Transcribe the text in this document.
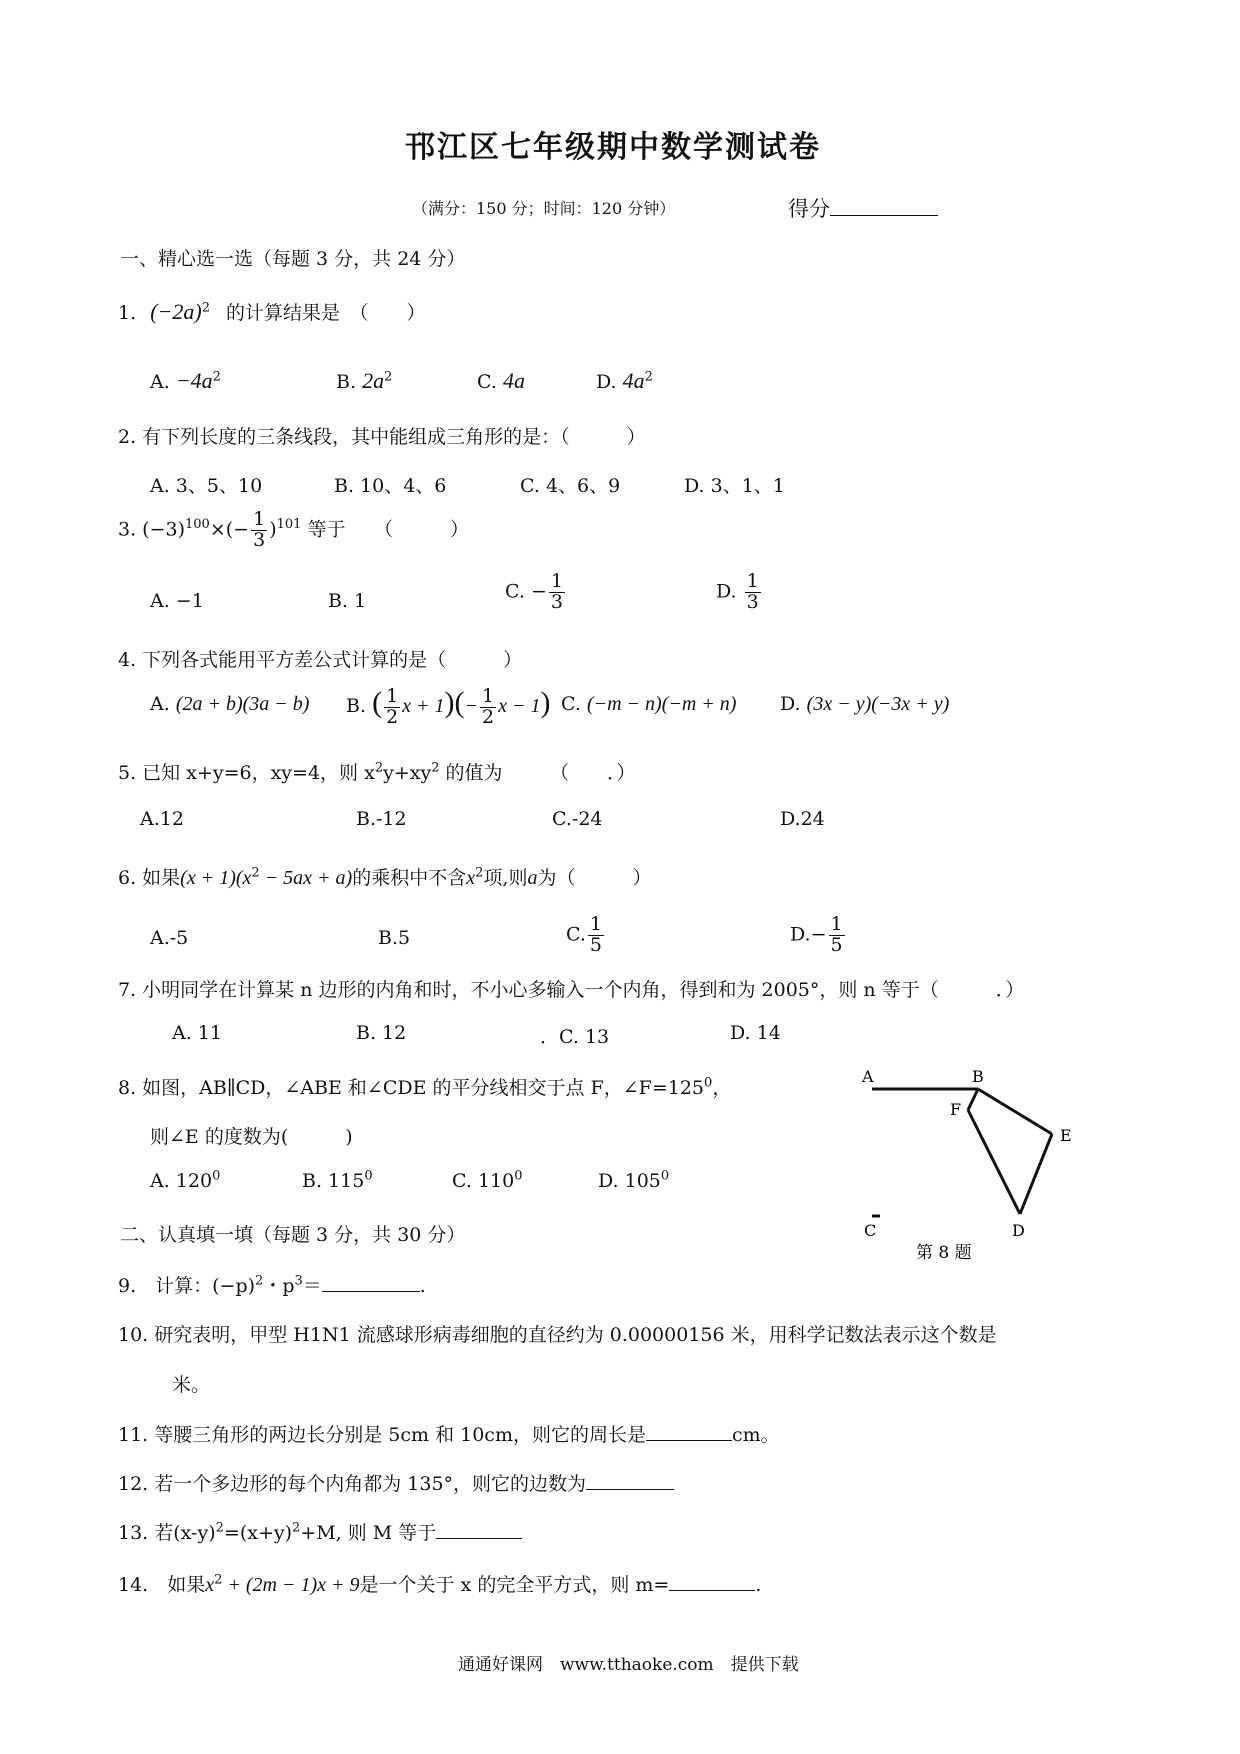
邗江区七年级期中数学测试卷
（满分：150 分；时间：120 分钟）	得分
一、精心选一选（每题 3 分，共 24 分）
1. $(-2a)^2$ 的计算结果是　（　　）
A. $-4a^2$	B. $2a^2$	C. 4a	D. $4a^2$
2. 有下列长度的三条线段，其中能组成三角形的是：（　　　）
A. 3、5、10	B. 10、4、6	C. 4、6、9	D. 3、1、1
3. $(-3)^{100}\times(- \frac{1}{3} )^{101}$ 等于　　（　　　）
A. −1	B. 1	C. − $\frac{1}{3}$	D. $\frac{1}{3}$
4. 下列各式能用平方差公式计算的是（　　　）
A. (2a + b)(3a − b) B. ( $\frac{1}{2}$ $x + 1)(- \frac{1}{2}$ x − 1) C. (−m − n)(−m + n) D. (3x − y)(−3x + y)
5. 已知 x+y=6，xy=4，则 $x^2y+xy^2$ 的值为　　　（　　．）
A.12	B.-12	C.-24	D.24
6. 如果$(x + 1)(x^2 - 5ax + a)$的乘积中不含$x^2$项,则a为（　　　）
A.-5	B.5	C. $\frac{1}{5}$	$D.- \frac{1}{5}$
7. 小明同学在计算某 n 边形的内角和时，不小心多输入一个内角，得到和为 2005°，则 n 等于（　　　．）
A. 11	B. 12	．C. 13	D. 14
8. 如图，AB∥CD，∠ABE 和∠CDE 的平分线相交于点 F，$\angle F=125^0$，
则∠E 的度数为(　　　)
A. $120^0$	B. $115^0$	C. $110^0$	D. $105^0$
A	B
F
E
C	D
第 8 题
二、认真填一填（每题 3 分，共 30 分）
9.　计算：$(-p)^2$・$p^3=$	.
10. 研究表明，甲型 H1N1 流感球形病毒细胞的直径约为 0.00000156 米，用科学记数法表示这个数是
米。
11. 等腰三角形的两边长分别是 5cm 和 10cm，则它的周长是	cm。
12. 若一个多边形的每个内角都为 135°，则它的边数为
13. 若$(x-y)^2=(x+y)^2+M$, 则 M 等于
14.　如果$x^2 + (2m - 1)x + 9$是一个关于 x 的完全平方式，则 m=	.
通通好课网　www.tthaoke.com　提供下载
